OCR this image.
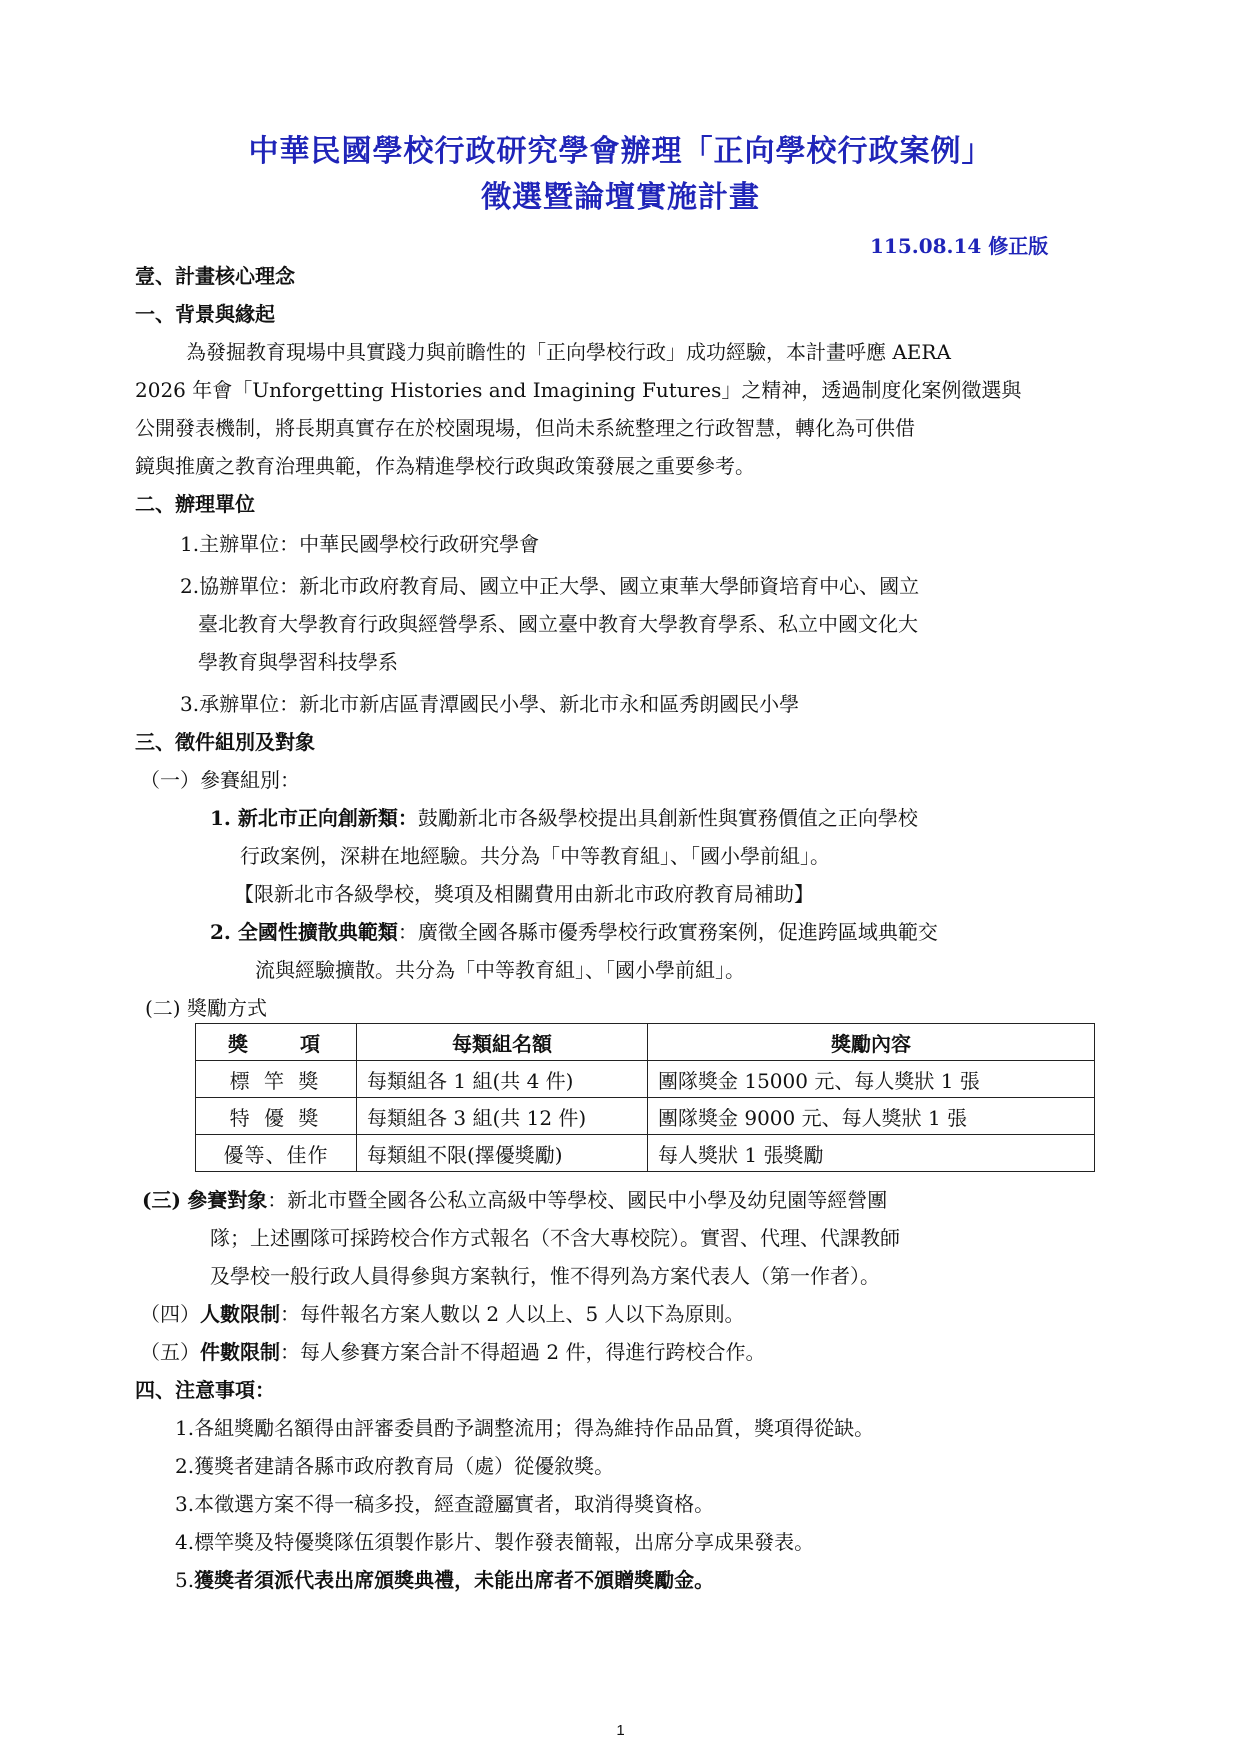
中華民國學校行政研究學會辦理「正向學校行政案例」
徵選暨論壇實施計畫
115.08.14 修正版
壹、計畫核心理念
一、背景與緣起
為發掘教育現場中具實踐力與前瞻性的「正向學校行政」成功經驗，本計畫呼應 AERA
2026 年會「Unforgetting Histories and Imagining Futures」之精神，透過制度化案例徵選與
公開發表機制，將長期真實存在於校園現場，但尚未系統整理之行政智慧，轉化為可供借
鏡與推廣之教育治理典範，作為精進學校行政與政策發展之重要參考。
二、辦理單位
1.主辦單位：中華民國學校行政研究學會
2.協辦單位：新北市政府教育局、國立中正大學、國立東華大學師資培育中心、國立
臺北教育大學教育行政與經營學系、國立臺中教育大學教育學系、私立中國文化大
學教育與學習科技學系
3.承辦單位：新北市新店區青潭國民小學、新北市永和區秀朗國民小學
三、徵件組別及對象
（一）參賽組別：
1. 新北市正向創新類：鼓勵新北市各級學校提出具創新性與實務價值之正向學校
行政案例，深耕在地經驗。共分為「中等教育組」、「國小學前組」。
【限新北市各級學校，獎項及相關費用由新北市政府教育局補助】
2. 全國性擴散典範類：廣徵全國各縣市優秀學校行政實務案例，促進跨區域典範交
流與經驗擴散。共分為「中等教育組」、「國小學前組」。
(二) 獎勵方式
獎　　項	每類組名額	獎勵內容
標 竿 獎	每類組各 1 組(共 4 件)	團隊獎金 15000 元、每人獎狀 1 張
特 優 獎	每類組各 3 組(共 12 件)	團隊獎金 9000 元、每人獎狀 1 張
優等、佳作	每類組不限(擇優獎勵)	每人獎狀 1 張獎勵
(三) 參賽對象：新北市暨全國各公私立高級中等學校、國民中小學及幼兒園等經營團
隊；上述團隊可採跨校合作方式報名（不含大專校院）。實習、代理、代課教師
及學校一般行政人員得參與方案執行，惟不得列為方案代表人（第一作者）。
（四）人數限制：每件報名方案人數以 2 人以上、5 人以下為原則。
（五）件數限制：每人參賽方案合計不得超過 2 件，得進行跨校合作。
四、注意事項：
1.各組獎勵名額得由評審委員酌予調整流用；得為維持作品品質，獎項得從缺。
2.獲獎者建請各縣市政府教育局（處）從優敘獎。
3.本徵選方案不得一稿多投，經查證屬實者，取消得獎資格。
4.標竿獎及特優獎隊伍須製作影片、製作發表簡報，出席分享成果發表。
5.獲獎者須派代表出席頒獎典禮，未能出席者不頒贈獎勵金。
1
